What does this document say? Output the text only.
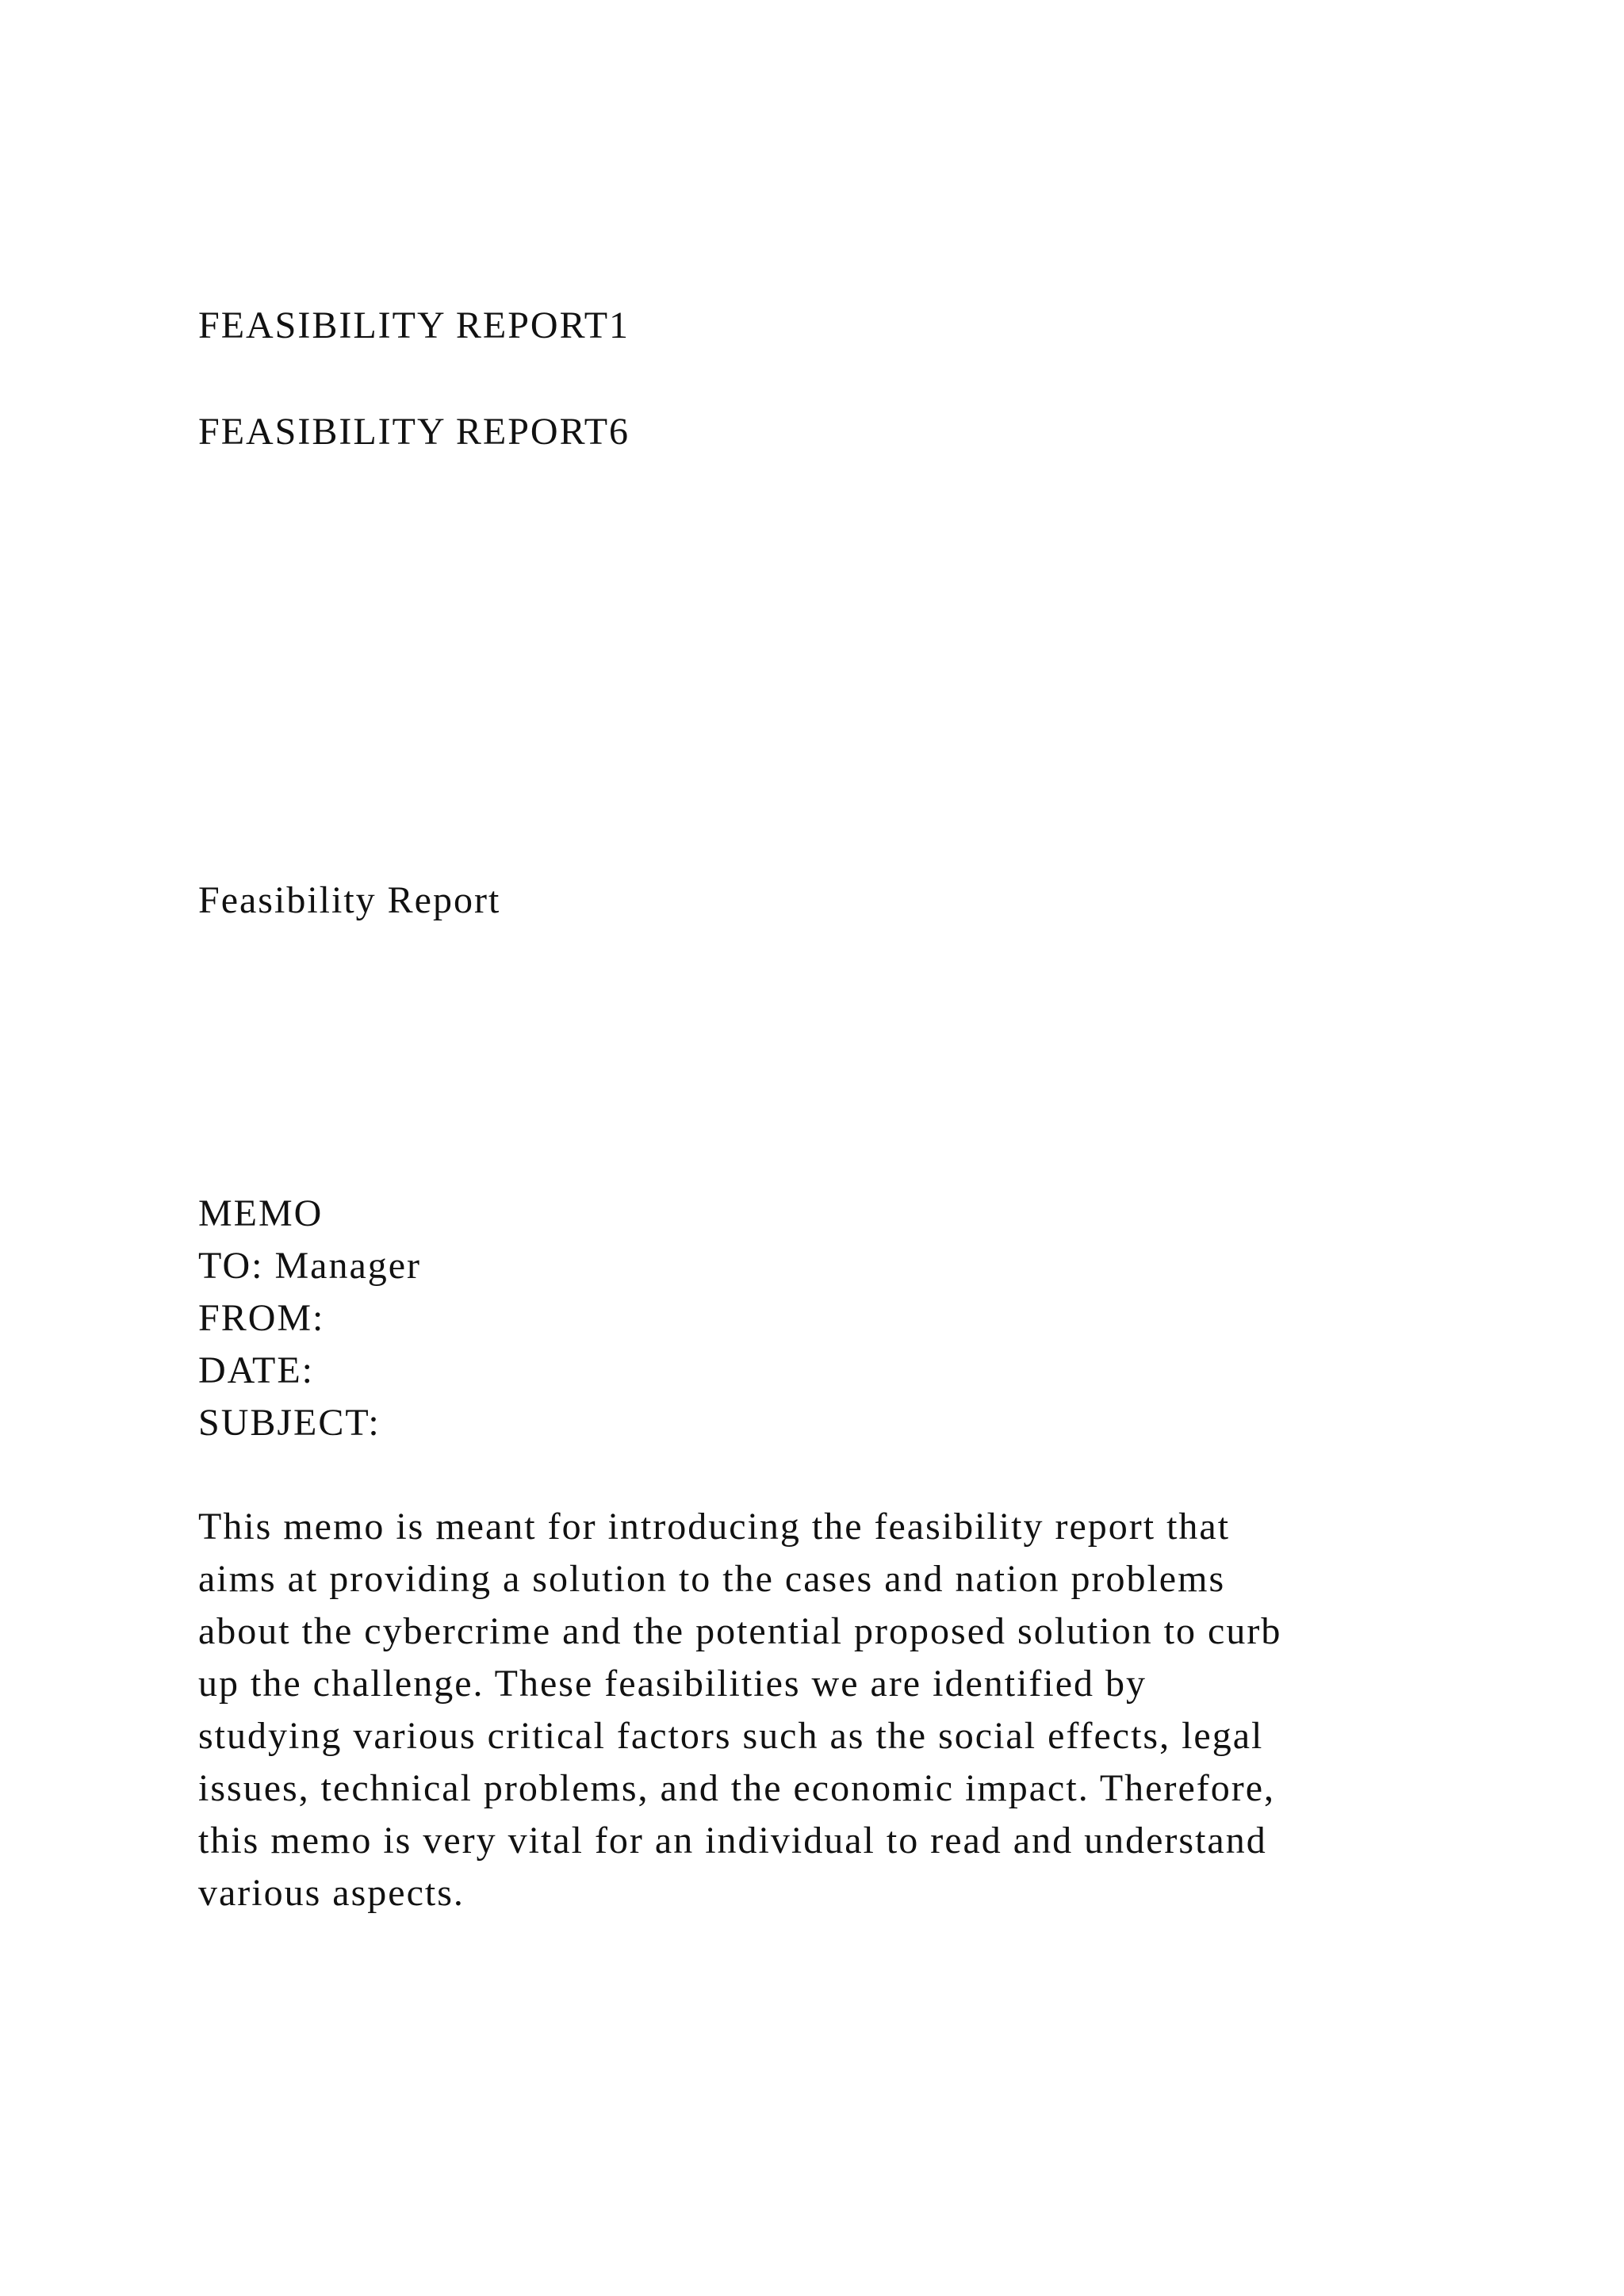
FEASIBILITY REPORT1

FEASIBILITY REPORT6

Feasibility Report

MEMO
TO: Manager
FROM:
DATE:
SUBJECT:
This memo is meant for introducing the feasibility report that
aims at providing a solution to the cases and nation problems
about the cybercrime and the potential proposed solution to curb
up the challenge. These feasibilities we are identified by
studying various critical factors such as the social effects, legal
issues, technical problems, and the economic impact. Therefore,
this memo is very vital for an individual to read and understand
various aspects.
